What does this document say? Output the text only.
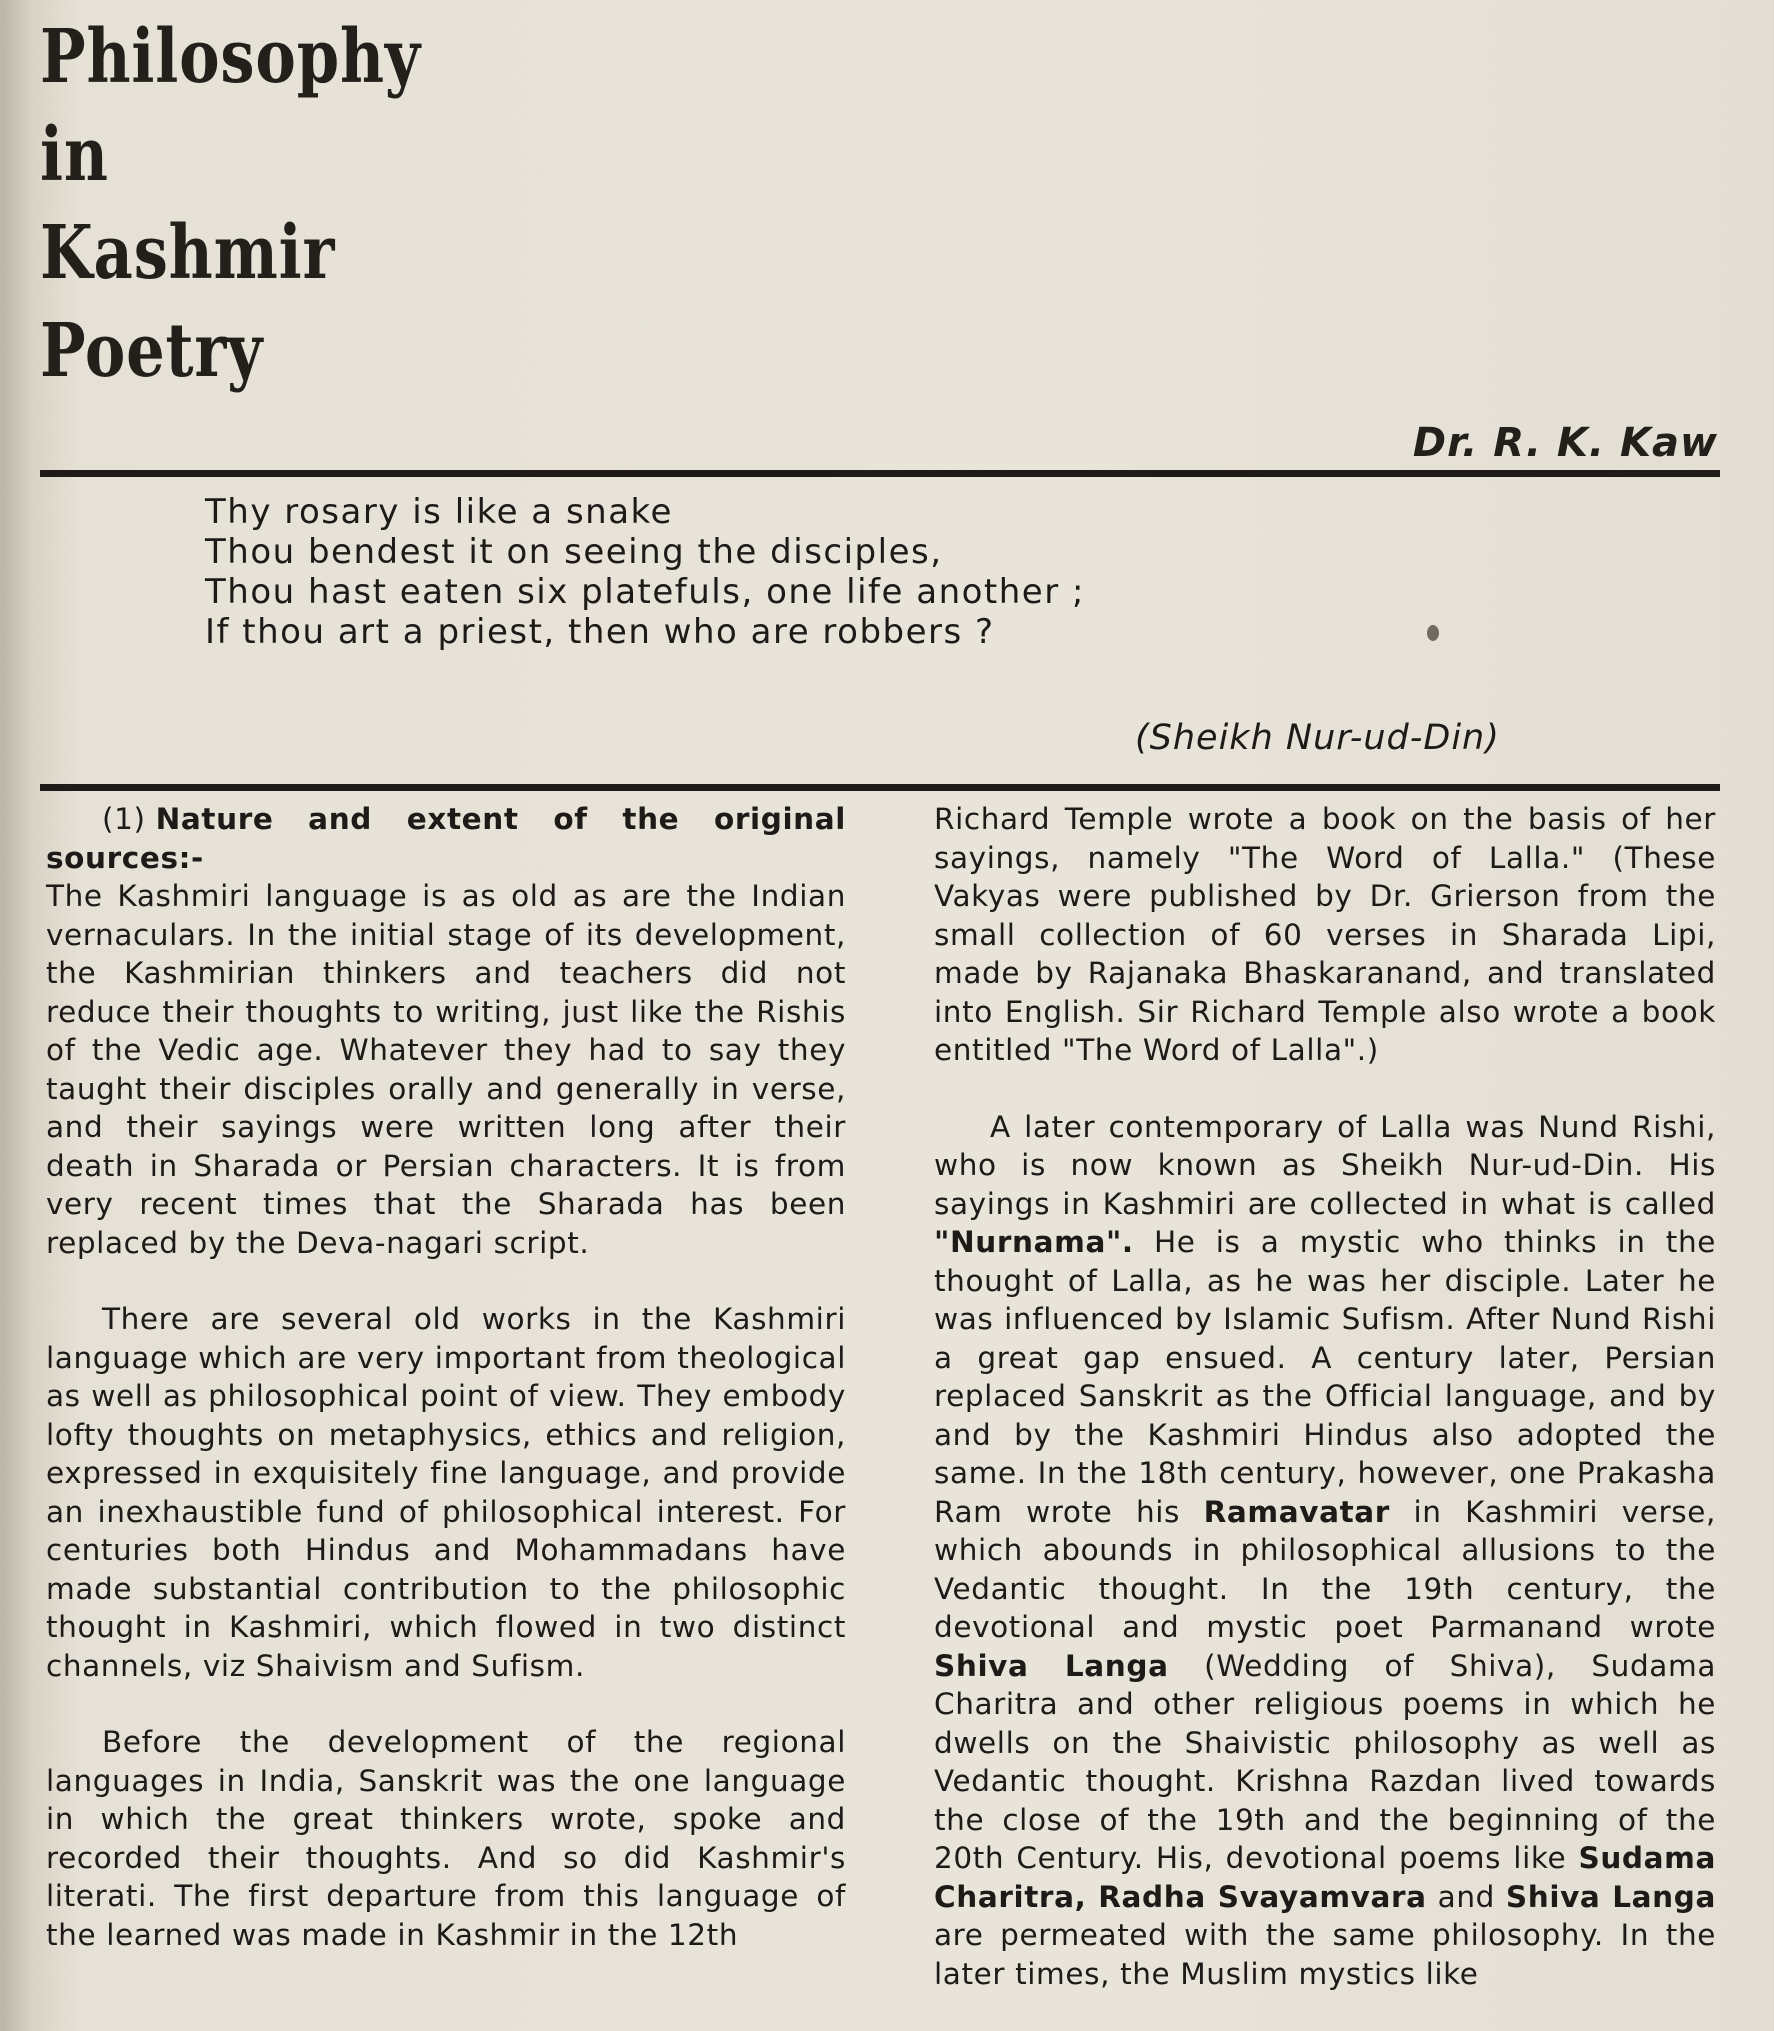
Philosophy
in
Kashmir
Poetry
Dr. R. K. Kaw
Thy rosary is like a snake
Thou bendest it on seeing the disciples,
Thou hast eaten six platefuls, one life another ;
If thou art a priest, then who are robbers ?
(Sheikh Nur-ud-Din)

(1) Nature and extent of the original sources:-

The Kashmiri language is as old as are the Indian vernaculars. In the initial stage of its development, the Kashmirian thinkers and teachers did not reduce their thoughts to writing, just like the Rishis of the Vedic age. Whatever they had to say they taught their disciples orally and generally in verse, and their sayings were written long after their death in Sharada or Persian characters. It is from very recent times that the Sharada has been replaced by the Deva-nagari script.

There are several old works in the Kashmiri language which are very important from theological as well as philosophical point of view. They embody lofty thoughts on metaphysics, ethics and religion, expressed in exquisitely fine language, and provide an inexhaustible fund of philosophical interest. For centuries both Hindus and Mohammadans have made substantial contribution to the philosophic thought in Kashmiri, which flowed in two distinct channels, viz Shaivism and Sufism.

Before the development of the regional languages in India, Sanskrit was the one language in which the great thinkers wrote, spoke and recorded their thoughts. And so did Kashmir's literati. The first departure from this language of the learned was made in Kashmir in the 12th

Richard Temple wrote a book on the basis of her sayings, namely "The Word of Lalla." (These Vakyas were published by Dr. Grierson from the small collection of 60 verses in Sharada Lipi, made by Rajanaka Bhaskaranand, and translated into English. Sir Richard Temple also wrote a book entitled "The Word of Lalla".)

A later contemporary of Lalla was Nund Rishi, who is now known as Sheikh Nur-ud-Din. His sayings in Kashmiri are collected in what is called "Nurnama". He is a mystic who thinks in the thought of Lalla, as he was her disciple. Later he was influenced by Islamic Sufism. After Nund Rishi a great gap ensued. A century later, Persian replaced Sanskrit as the Official language, and by and by the Kashmiri Hindus also adopted the same. In the 18th century, however, one Prakasha Ram wrote his Ramavatar in Kashmiri verse, which abounds in philosophical allusions to the Vedantic thought. In the 19th century, the devotional and mystic poet Parmanand wrote Shiva Langa (Wedding of Shiva), Sudama Charitra and other religious poems in which he dwells on the Shaivistic philosophy as well as Vedantic thought. Krishna Razdan lived towards the close of the 19th and the beginning of the 20th Century. His, devotional poems like Sudama Charitra, Radha Svayamvara and Shiva Langa are permeated with the same philosophy. In the later times, the Muslim mystics like
